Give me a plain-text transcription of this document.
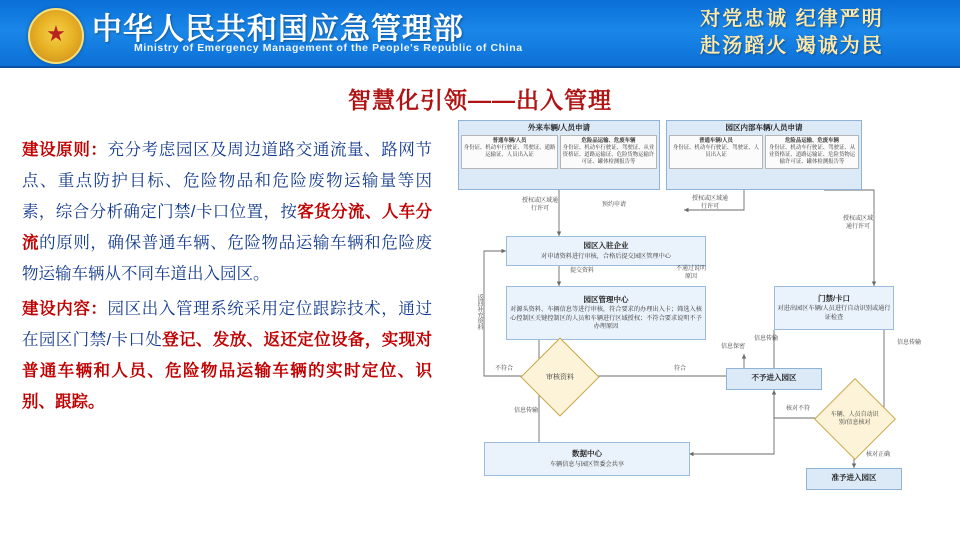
★ 中华人民共和国应急管理部
Ministry of Emergency Management of the People's Republic of China
对党忠诚 纪律严明
赴汤蹈火 竭诚为民
智慧化引领——出入管理

建设原则：充分考虑园区及周边道路交通流量、路网节点、重点防护目标、危险物品和危险废物运输量等因素，综合分析确定门禁/卡口位置，按客货分流、人车分流的原则，确保普通车辆、危险物品运输车辆和危险废物运输车辆从不同车道出入园区。

建设内容：园区出入管理系统采用定位跟踪技术，通过在园区门禁/卡口处登记、发放、返还定位设备，实现对普通车辆和人员、危险物品运输车辆的实时定位、识别、跟踪。

外来车辆/人员申请
普通车辆/人员
身份证、机动车行驶证、驾驶证、通路运输证、人员出入证
危险品运输、危废车辆
身份证、机动车行驶证、驾驶证、从业资格证、道路运输证、危险货物运输许可证、罐体检测报告等
园区内部车辆/人员申请
普通车辆/人员
身份证、机动车行驶证、驾驶证、人员出入证
危险品运输、危废车辆
身份证、机动车行驶证、驾驶证、从业资格证、道路运输证、危险货物运输许可证、罐体检测报告等
园区入驻企业
对申请资料进行审核，合格后提交园区管理中心
园区管理中心
对源头资料、车辆信息等进行审核，符合要求的办理出入卡；筛选入核心控制区关键控制区的人员和车辆进行区域授权；不符合要求说明不予办理原因
门禁/卡口
对进出园区车辆/人员进行自动识别或通行证检查
审核资料
车辆、人员自动识别/信息核对
不予进入园区
准予进入园区
数据中心
车辆信息与园区管委会共享
授权或区域通行许可
授权或区域通行许可
授权或区域通行许可
预约申请
提交资料	不通过说明原因
返回补充资料
信息传输
信息传输
信息传输
信息保密
不符合	符合
核对不符
核对正确
